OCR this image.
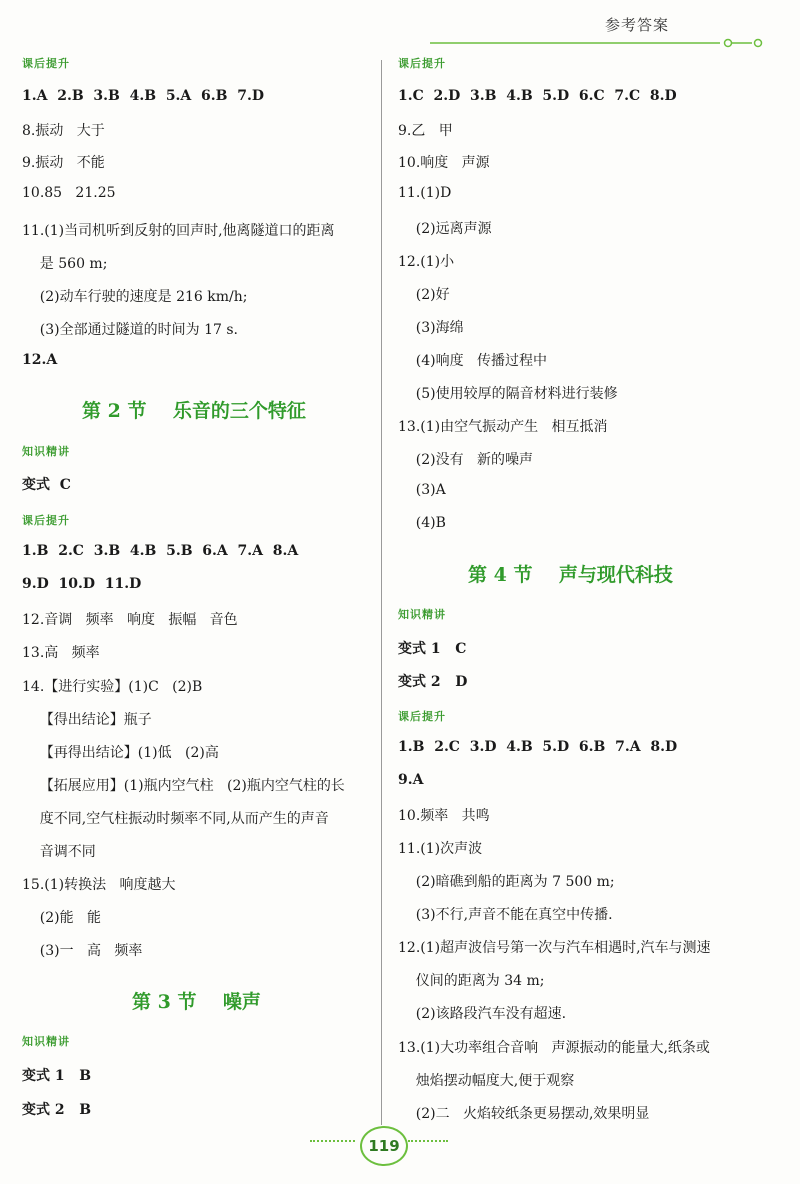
参考答案
课后提升
1.A  2.B  3.B  4.B  5.A  6.B  7.D
8.振动   大于
9.振动   不能
10.85   21.25
11.(1)当司机听到反射的回声时,他离隧道口的距离
是 560 m;
(2)动车行驶的速度是 216 km/h;
(3)全部通过隧道的时间为 17 s.
12.A
第 2 节    乐音的三个特征
知识精讲
变式  C
课后提升
1.B  2.C  3.B  4.B  5.B  6.A  7.A  8.A
9.D  10.D  11.D
12.音调   频率   响度   振幅   音色
13.高   频率
14.【进行实验】(1)C   (2)B
【得出结论】瓶子
【再得出结论】(1)低   (2)高
【拓展应用】(1)瓶内空气柱   (2)瓶内空气柱的长
度不同,空气柱振动时频率不同,从而产生的声音
音调不同
15.(1)转换法   响度越大
(2)能   能
(3)一   高   频率
第 3 节    噪声
知识精讲
变式 1   B
变式 2   B
课后提升
1.C  2.D  3.B  4.B  5.D  6.C  7.C  8.D
9.乙   甲
10.响度   声源
11.(1)D
(2)远离声源
12.(1)小
(2)好
(3)海绵
(4)响度   传播过程中
(5)使用较厚的隔音材料进行装修
13.(1)由空气振动产生   相互抵消
(2)没有   新的噪声
(3)A
(4)B
第 4 节    声与现代科技
知识精讲
变式 1   C
变式 2   D
课后提升
1.B  2.C  3.D  4.B  5.D  6.B  7.A  8.D
9.A
10.频率   共鸣
11.(1)次声波
(2)暗礁到船的距离为 7 500 m;
(3)不行,声音不能在真空中传播.
12.(1)超声波信号第一次与汽车相遇时,汽车与测速
仪间的距离为 34 m;
(2)该路段汽车没有超速.
13.(1)大功率组合音响   声源振动的能量大,纸条或
烛焰摆动幅度大,便于观察
(2)二   火焰较纸条更易摆动,效果明显
119
